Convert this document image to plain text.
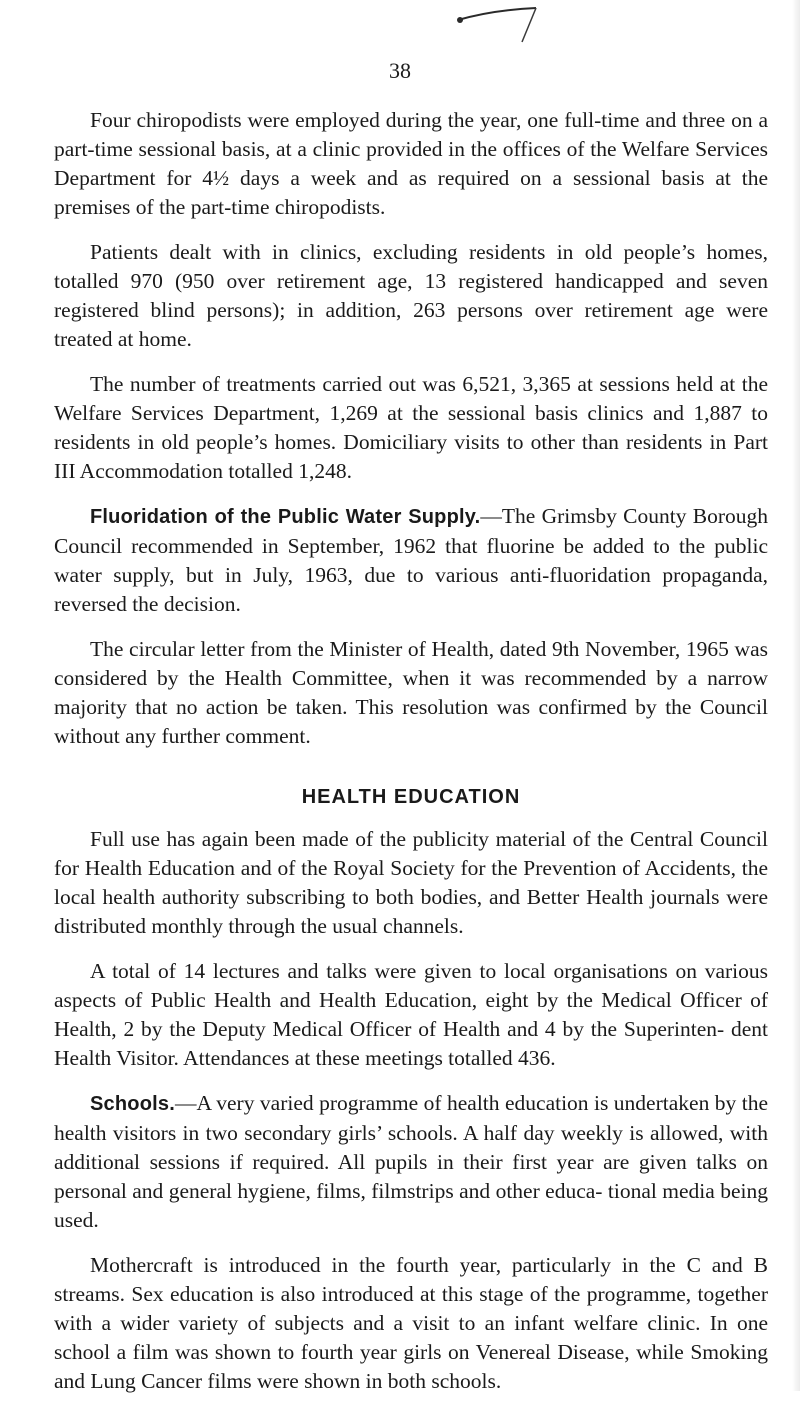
38

Four chiropodists were employed during the year, one full-time and three on a part-time sessional basis, at a clinic provided in the offices of the Welfare Services Department for 4½ days a week and as required on a sessional basis at the premises of the part-time chiropodists.

Patients dealt with in clinics, excluding residents in old people’s homes, totalled 970 (950 over retirement age, 13 registered handicapped and seven registered blind persons); in addition, 263 persons over retirement age were treated at home.

The number of treatments carried out was 6,521, 3,365 at sessions held at the Welfare Services Department, 1,269 at the sessional basis clinics and 1,887 to residents in old people’s homes. Domiciliary visits to other than residents in Part III Accommodation totalled 1,248.

Fluoridation of the Public Water Supply.—The Grimsby County Borough Council recommended in September, 1962 that fluorine be added to the public water supply, but in July, 1963, due to various anti-fluoridation propaganda, reversed the decision.

The circular letter from the Minister of Health, dated 9th November, 1965 was considered by the Health Committee, when it was recommended by a narrow majority that no action be taken. This resolution was confirmed by the Council without any further comment.

HEALTH EDUCATION

Full use has again been made of the publicity material of the Central Council for Health Education and of the Royal Society for the Prevention of Accidents, the local health authority subscribing to both bodies, and Better Health journals were distributed monthly through the usual channels.

A total of 14 lectures and talks were given to local organisations on various aspects of Public Health and Health Education, eight by the Medical Officer of Health, 2 by the Deputy Medical Officer of Health and 4 by the Superinten- dent Health Visitor. Attendances at these meetings totalled 436.

Schools.—A very varied programme of health education is undertaken by the health visitors in two secondary girls’ schools. A half day weekly is allowed, with additional sessions if required. All pupils in their first year are given talks on personal and general hygiene, films, filmstrips and other educa- tional media being used.

Mothercraft is introduced in the fourth year, particularly in the C and B streams. Sex education is also introduced at this stage of the programme, together with a wider variety of subjects and a visit to an infant welfare clinic. In one school a film was shown to fourth year girls on Venereal Disease, while Smoking and Lung Cancer films were shown in both schools.
